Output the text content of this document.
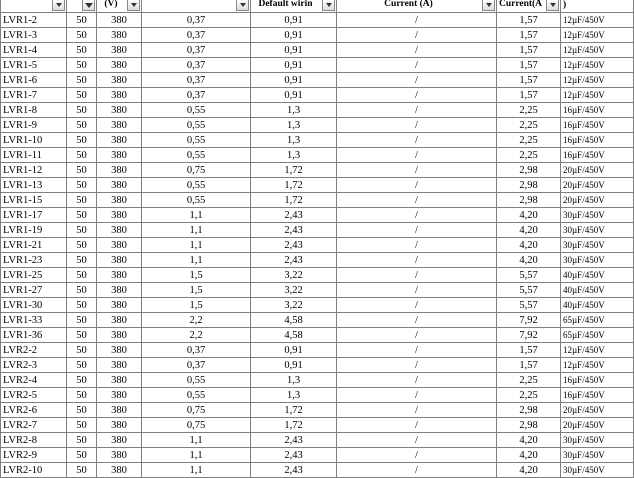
		(V)		Default wirin	Current (A)	Current(A	)
LVR1-2	50	380	0,37	0,91	/	1,57	12µF/450V
LVR1-3	50	380	0,37	0,91	/	1,57	12µF/450V
LVR1-4	50	380	0,37	0,91	/	1,57	12µF/450V
LVR1-5	50	380	0,37	0,91	/	1,57	12µF/450V
LVR1-6	50	380	0,37	0,91	/	1,57	12µF/450V
LVR1-7	50	380	0,37	0,91	/	1,57	12µF/450V
LVR1-8	50	380	0,55	1,3	/	2,25	16µF/450V
LVR1-9	50	380	0,55	1,3	/	2,25	16µF/450V
LVR1-10	50	380	0,55	1,3	/	2,25	16µF/450V
LVR1-11	50	380	0,55	1,3	/	2,25	16µF/450V
LVR1-12	50	380	0,75	1,72	/	2,98	20µF/450V
LVR1-13	50	380	0,55	1,72	/	2,98	20µF/450V
LVR1-15	50	380	0,55	1,72	/	2,98	20µF/450V
LVR1-17	50	380	1,1	2,43	/	4,20	30µF/450V
LVR1-19	50	380	1,1	2,43	/	4,20	30µF/450V
LVR1-21	50	380	1,1	2,43	/	4,20	30µF/450V
LVR1-23	50	380	1,1	2,43	/	4,20	30µF/450V
LVR1-25	50	380	1,5	3,22	/	5,57	40µF/450V
LVR1-27	50	380	1,5	3,22	/	5,57	40µF/450V
LVR1-30	50	380	1,5	3,22	/	5,57	40µF/450V
LVR1-33	50	380	2,2	4,58	/	7,92	65µF/450V
LVR1-36	50	380	2,2	4,58	/	7,92	65µF/450V
LVR2-2	50	380	0,37	0,91	/	1,57	12µF/450V
LVR2-3	50	380	0,37	0,91	/	1,57	12µF/450V
LVR2-4	50	380	0,55	1,3	/	2,25	16µF/450V
LVR2-5	50	380	0,55	1,3	/	2,25	16µF/450V
LVR2-6	50	380	0,75	1,72	/	2,98	20µF/450V
LVR2-7	50	380	0,75	1,72	/	2,98	20µF/450V
LVR2-8	50	380	1,1	2,43	/	4,20	30µF/450V
LVR2-9	50	380	1,1	2,43	/	4,20	30µF/450V
LVR2-10	50	380	1,1	2,43	/	4,20	30µF/450V
